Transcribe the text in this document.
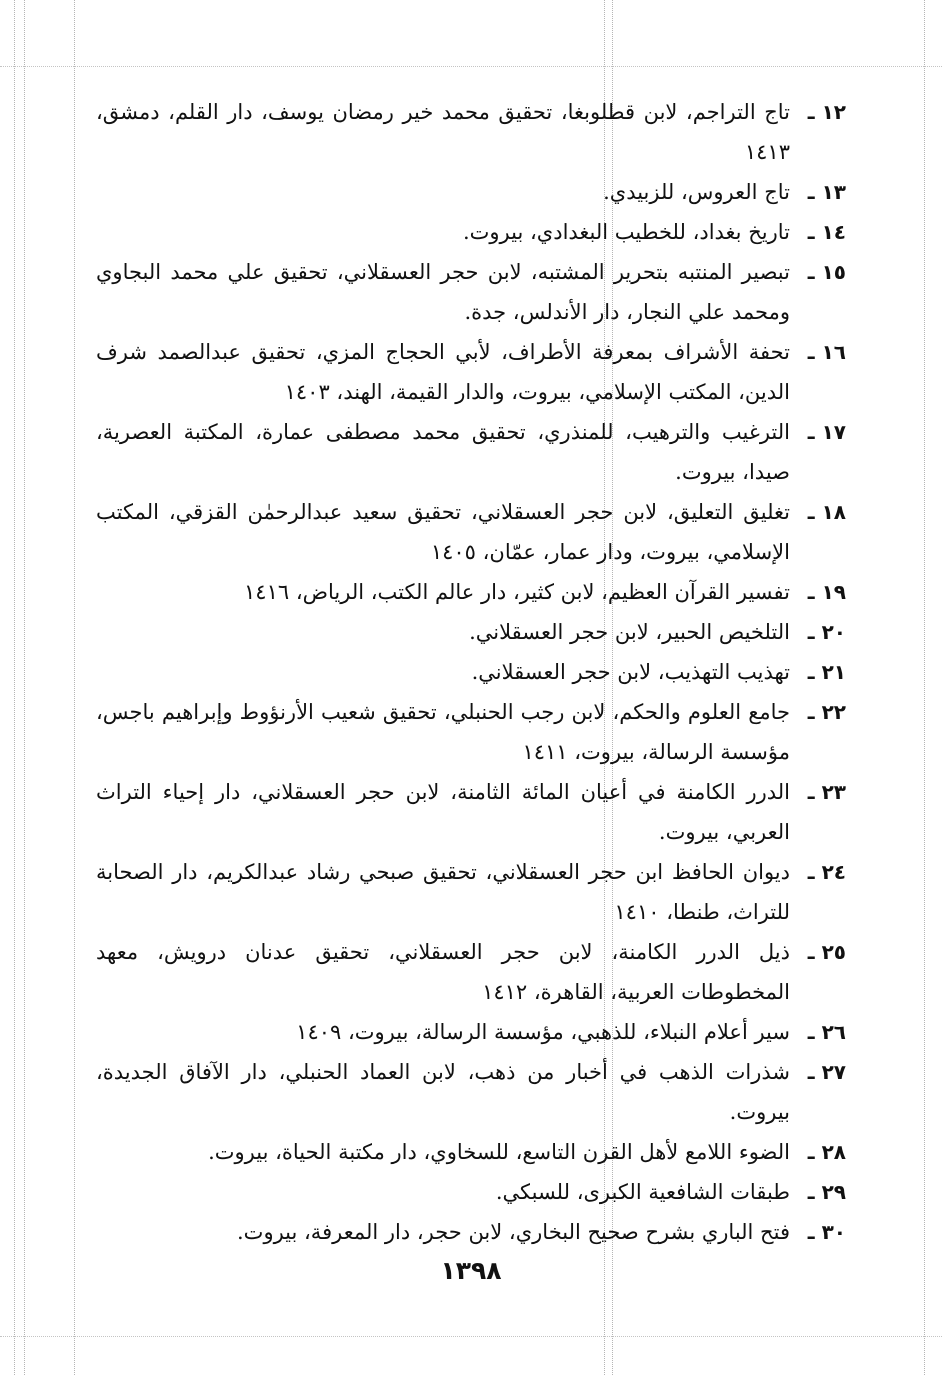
١٢ ـ
تاج التراجم، لابن قطلوبغا، تحقيق محمد خير رمضان يوسف، دار القلم، دمشق، ١٤١٣
١٣ ـ
تاج العروس، للزبيدي.
١٤ ـ
تاريخ بغداد، للخطيب البغدادي، بيروت.
١٥ ـ
تبصير المنتبه بتحرير المشتبه، لابن حجر العسقلاني، تحقيق علي محمد البجاوي ومحمد علي النجار، دار الأندلس، جدة.
١٦ ـ
تحفة الأشراف بمعرفة الأطراف، لأبي الحجاج المزي، تحقيق عبدالصمد شرف الدين، المكتب الإسلامي، بيروت، والدار القيمة، الهند، ١٤٠٣
١٧ ـ
الترغيب والترهيب، للمنذري، تحقيق محمد مصطفى عمارة، المكتبة العصرية، صيدا، بيروت.
١٨ ـ
تغليق التعليق، لابن حجر العسقلاني، تحقيق سعيد عبدالرحمٰن القزقي، المكتب الإسلامي، بيروت، ودار عمار، عمّان، ١٤٠٥
١٩ ـ
تفسير القرآن العظيم، لابن كثير، دار عالم الكتب، الرياض، ١٤١٦
٢٠ ـ
التلخيص الحبير، لابن حجر العسقلاني.
٢١ ـ
تهذيب التهذيب، لابن حجر العسقلاني.
٢٢ ـ
جامع العلوم والحكم، لابن رجب الحنبلي، تحقيق شعيب الأرنؤوط وإبراهيم باجس، مؤسسة الرسالة، بيروت، ١٤١١
٢٣ ـ
الدرر الكامنة في أعيان المائة الثامنة، لابن حجر العسقلاني، دار إحياء التراث العربي، بيروت.
٢٤ ـ
ديوان الحافظ ابن حجر العسقلاني، تحقيق صبحي رشاد عبدالكريم، دار الصحابة للتراث، طنطا، ١٤١٠
٢٥ ـ
ذيل الدرر الكامنة، لابن حجر العسقلاني، تحقيق عدنان درويش، معهد المخطوطات العربية، القاهرة، ١٤١٢
٢٦ ـ
سير أعلام النبلاء، للذهبي، مؤسسة الرسالة، بيروت، ١٤٠٩
٢٧ ـ
شذرات الذهب في أخبار من ذهب، لابن العماد الحنبلي، دار الآفاق الجديدة، بيروت.
٢٨ ـ
الضوء اللامع لأهل القرن التاسع، للسخاوي، دار مكتبة الحياة، بيروت.
٢٩ ـ
طبقات الشافعية الكبرى، للسبكي.
٣٠ ـ
فتح الباري بشرح صحيح البخاري، لابن حجر، دار المعرفة، بيروت.
١٣٩٨
